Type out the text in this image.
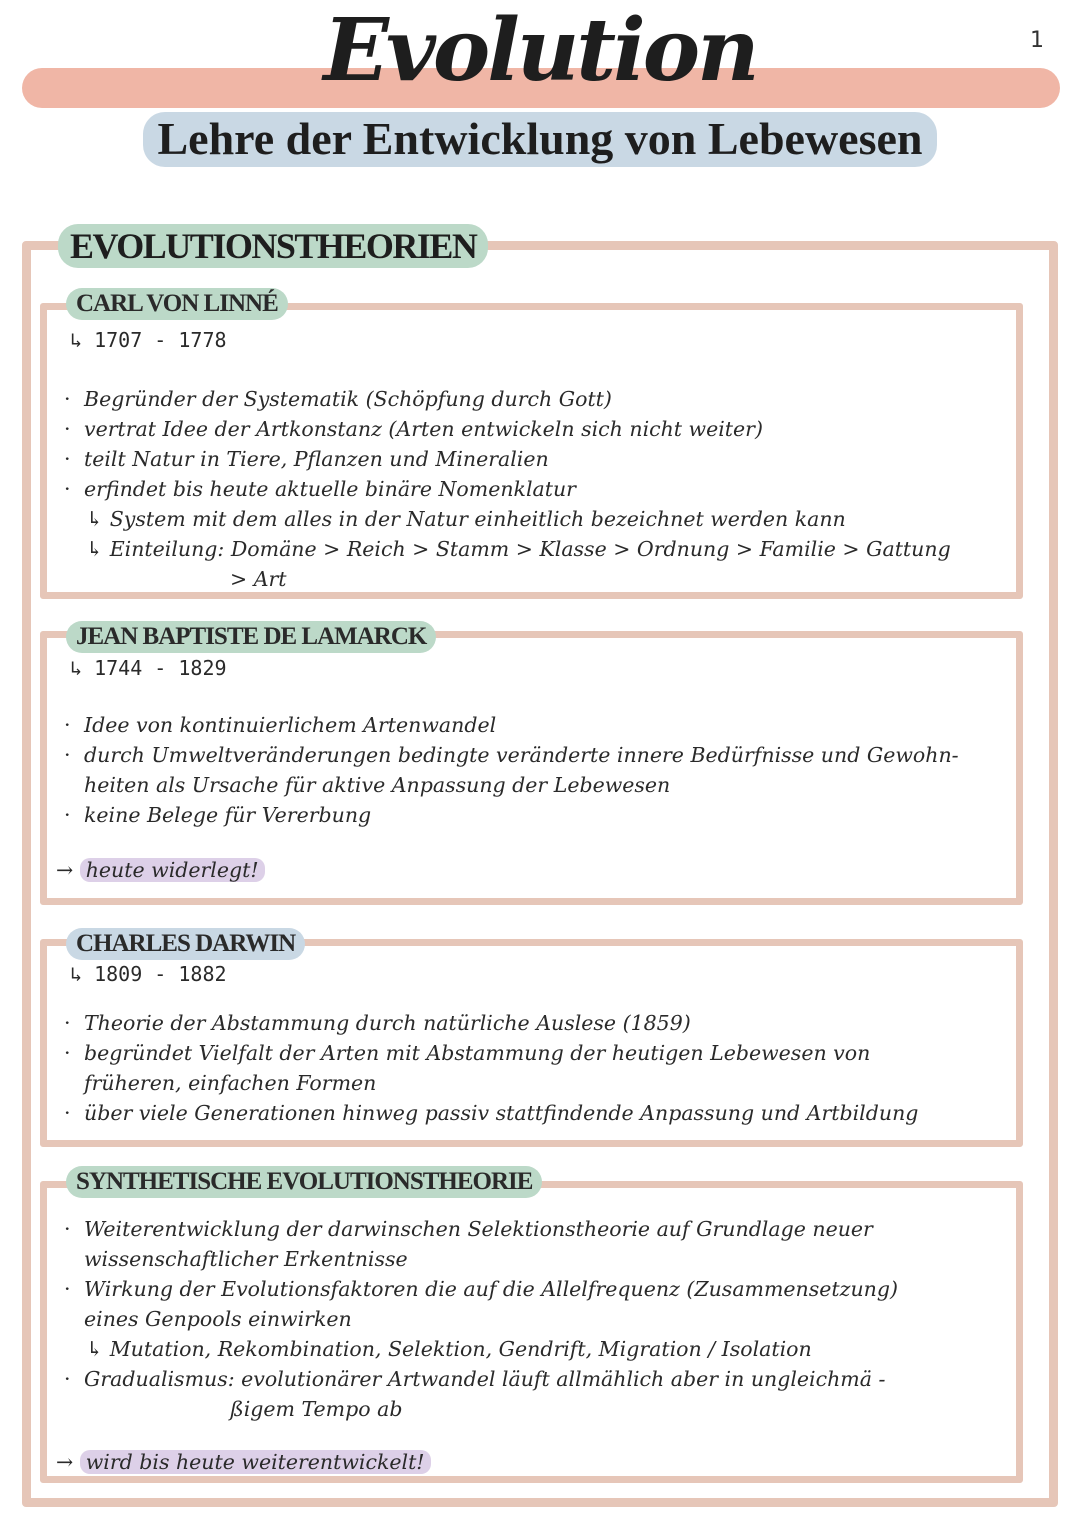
1
Evolution
Lehre der Entwicklung von Lebewesen
EVOLUTIONSTHEORIEN
CARL VON LINNÉ
↳ 1707 - 1778
· Begründer der Systematik (Schöpfung durch Gott)
· vertrat Idee der Artkonstanz (Arten entwickeln sich nicht weiter)
· teilt Natur in Tiere, Pflanzen und Mineralien
· erfindet bis heute aktuelle binäre Nomenklatur
↳ System mit dem alles in der Natur einheitlich bezeichnet werden kann
↳ Einteilung: Domäne > Reich > Stamm > Klasse > Ordnung > Familie > Gattung
> Art
JEAN BAPTISTE DE LAMARCK
↳ 1744 - 1829
· Idee von kontinuierlichem Artenwandel
· durch Umweltveränderungen bedingte veränderte innere Bedürfnisse und Gewohn-
heiten als Ursache für aktive Anpassung der Lebewesen
· keine Belege für Vererbung
→ heute widerlegt!
CHARLES DARWIN
↳ 1809 - 1882
· Theorie der Abstammung durch natürliche Auslese (1859)
· begründet Vielfalt der Arten mit Abstammung der heutigen Lebewesen von
früheren, einfachen Formen
· über viele Generationen hinweg passiv stattfindende Anpassung und Artbildung
SYNTHETISCHE EVOLUTIONSTHEORIE
· Weiterentwicklung der darwinschen Selektionstheorie auf Grundlage neuer
wissenschaftlicher Erkentnisse
· Wirkung der Evolutionsfaktoren die auf die Allelfrequenz (Zusammensetzung)
eines Genpools einwirken
↳ Mutation, Rekombination, Selektion, Gendrift, Migration / Isolation
· Gradualismus: evolutionärer Artwandel läuft allmählich aber in ungleichmä -
ßigem Tempo ab
→ wird bis heute weiterentwickelt!
